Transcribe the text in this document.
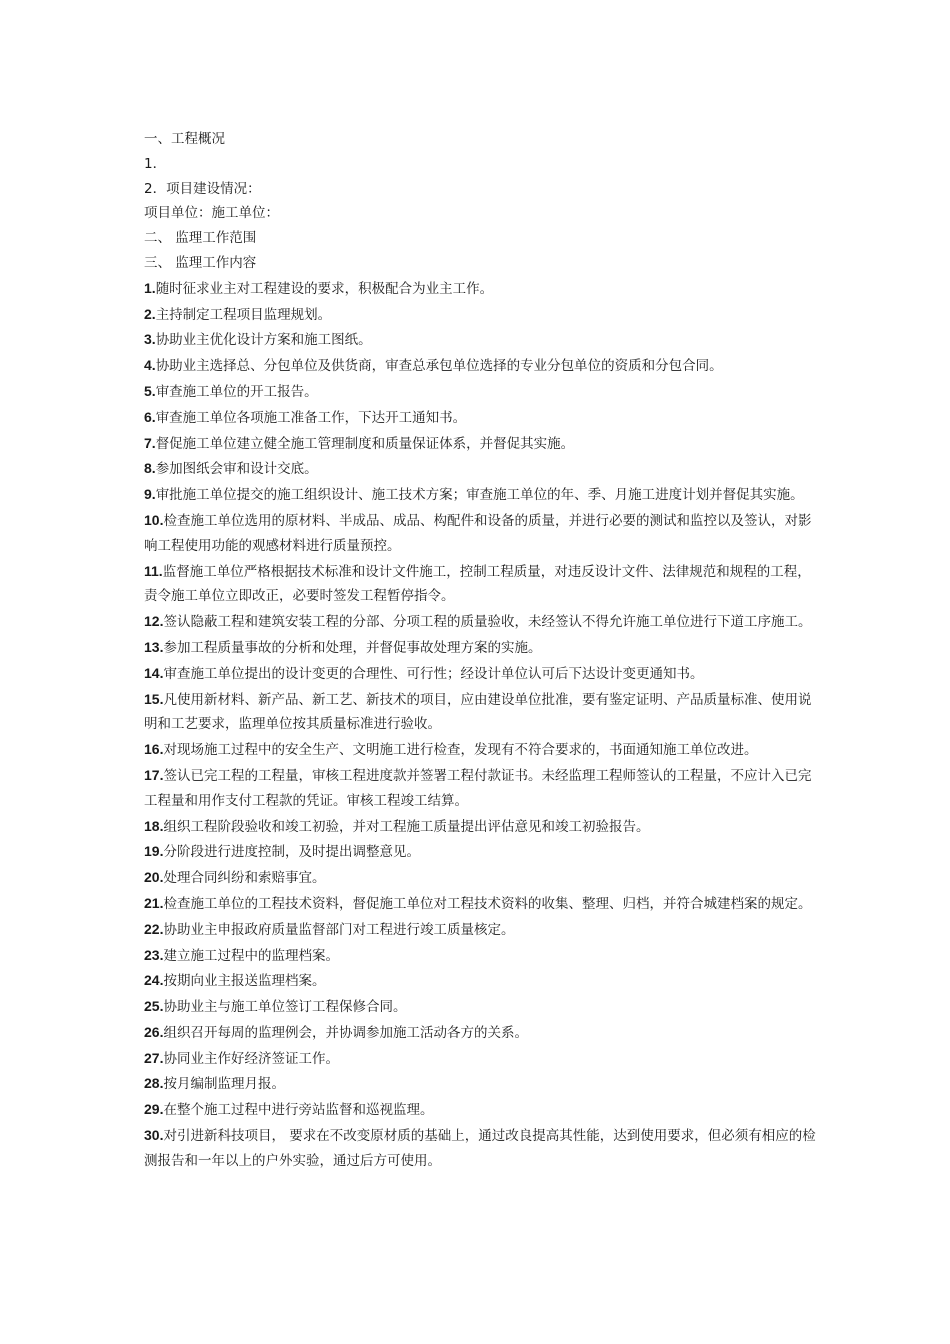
一、工程概况
1．
2．项目建设情况：
项目单位：施工单位：
二、 监理工作范围
三、 监理工作内容
1.随时征求业主对工程建设的要求，积极配合为业主工作。
2.主持制定工程项目监理规划。
3.协助业主优化设计方案和施工图纸。
4.协助业主选择总、分包单位及供货商，审查总承包单位选择的专业分包单位的资质和分包合同。
5.审查施工单位的开工报告。
6.审查施工单位各项施工准备工作，下达开工通知书。
7.督促施工单位建立健全施工管理制度和质量保证体系，并督促其实施。
8.参加图纸会审和设计交底。
9.审批施工单位提交的施工组织设计、施工技术方案；审查施工单位的年、季、月施工进度计划并督促其实施。
10.检查施工单位选用的原材料、半成品、成品、构配件和设备的质量，并进行必要的测试和监控以及签认，对影响工程使用功能的观感材料进行质量预控。
11.监督施工单位严格根据技术标准和设计文件施工，控制工程质量，对违反设计文件、法律规范和规程的工程，责令施工单位立即改正，必要时签发工程暂停指令。
12.签认隐蔽工程和建筑安装工程的分部、分项工程的质量验收，未经签认不得允许施工单位进行下道工序施工。
13.参加工程质量事故的分析和处理，并督促事故处理方案的实施。
14.审查施工单位提出的设计变更的合理性、可行性；经设计单位认可后下达设计变更通知书。
15.凡使用新材料、新产品、新工艺、新技术的项目，应由建设单位批准，要有鉴定证明、产品质量标准、使用说明和工艺要求，监理单位按其质量标准进行验收。
16.对现场施工过程中的安全生产、文明施工进行检查，发现有不符合要求的，书面通知施工单位改进。
17.签认已完工程的工程量，审核工程进度款并签署工程付款证书。未经监理工程师签认的工程量，不应计入已完工程量和用作支付工程款的凭证。审核工程竣工结算。
18.组织工程阶段验收和竣工初验，并对工程施工质量提出评估意见和竣工初验报告。
19.分阶段进行进度控制，及时提出调整意见。
20.处理合同纠纷和索赔事宜。
21.检查施工单位的工程技术资料，督促施工单位对工程技术资料的收集、整理、归档，并符合城建档案的规定。
22.协助业主申报政府质量监督部门对工程进行竣工质量核定。
23.建立施工过程中的监理档案。
24.按期向业主报送监理档案。
25.协助业主与施工单位签订工程保修合同。
26.组织召开每周的监理例会，并协调参加施工活动各方的关系。
27.协同业主作好经济签证工作。
28.按月编制监理月报。
29.在整个施工过程中进行旁站监督和巡视监理。
30.对引进新科技项目， 要求在不改变原材质的基础上，通过改良提高其性能，达到使用要求，但必须有相应的检测报告和一年以上的户外实验，通过后方可使用。
